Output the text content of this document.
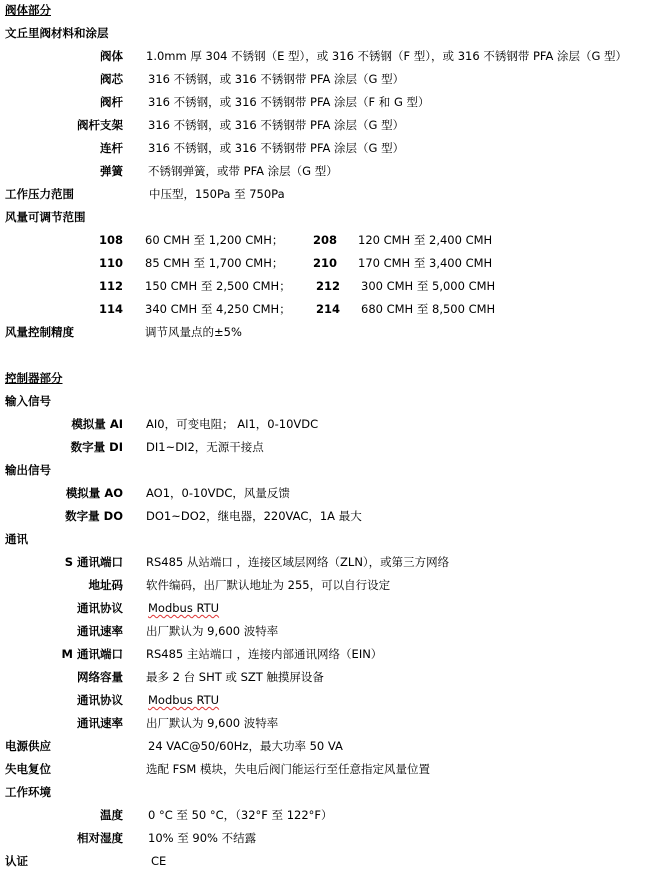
阀体部分
文丘里阀材料和涂层
阀体 1.0mm 厚 304 不锈钢（E 型），或 316 不锈钢（F 型），或 316 不锈钢带 PFA 涂层（G 型）
阀芯 316 不锈钢，或 316 不锈钢带 PFA 涂层（G 型）
阀杆 316 不锈钢，或 316 不锈钢带 PFA 涂层（F 和 G 型）
阀杆支架 316 不锈钢，或 316 不锈钢带 PFA 涂层（G 型）
连杆 316 不锈钢，或 316 不锈钢带 PFA 涂层（G 型）
弹簧 不锈钢弹簧，或带 PFA 涂层（G 型）
工作压力范围	中压型，150Pa 至 750Pa
风量可调节范围
108 60 CMH 至 1,200 CMH；	208 120 CMH 至 2,400 CMH
110 85 CMH 至 1,700 CMH；	210 170 CMH 至 3,400 CMH
112 150 CMH 至 2,500 CMH； 212 300 CMH 至 5,000 CMH
114 340 CMH 至 4,250 CMH； 214 680 CMH 至 8,500 CMH
风量控制精度	调节风量点的±5%
控制器部分
输入信号
模拟量 AI AI0，可变电阻； AI1，0-10VDC
数字量 DI DI1~DI2，无源干接点
输出信号
模拟量 AO AO1，0-10VDC，风量反馈
数字量 DO DO1~DO2，继电器，220VAC，1A 最大
通讯
S 通讯端口 RS485 从站端口 ，连接区域层网络（ZLN），或第三方网络
地址码 软件编码，出厂默认地址为 255，可以自行设定
通讯协议 Modbus RTU
通讯速率 出厂默认为 9,600 波特率
M 通讯端口 RS485 主站端口 ，连接内部通讯网络（EIN）
网络容量 最多 2 台 SHT 或 SZT 触摸屏设备
通讯协议 Modbus RTU
通讯速率 出厂默认为 9,600 波特率
电源供应	24 VAC@50/60Hz，最大功率 50 VA
失电复位	选配 FSM 模块，失电后阀门能运行至任意指定风量位置
工作环境
温度 0 °C 至 50 °C，（32°F 至 122°F）
相对湿度 10% 至 90% 不结露
认证	CE
